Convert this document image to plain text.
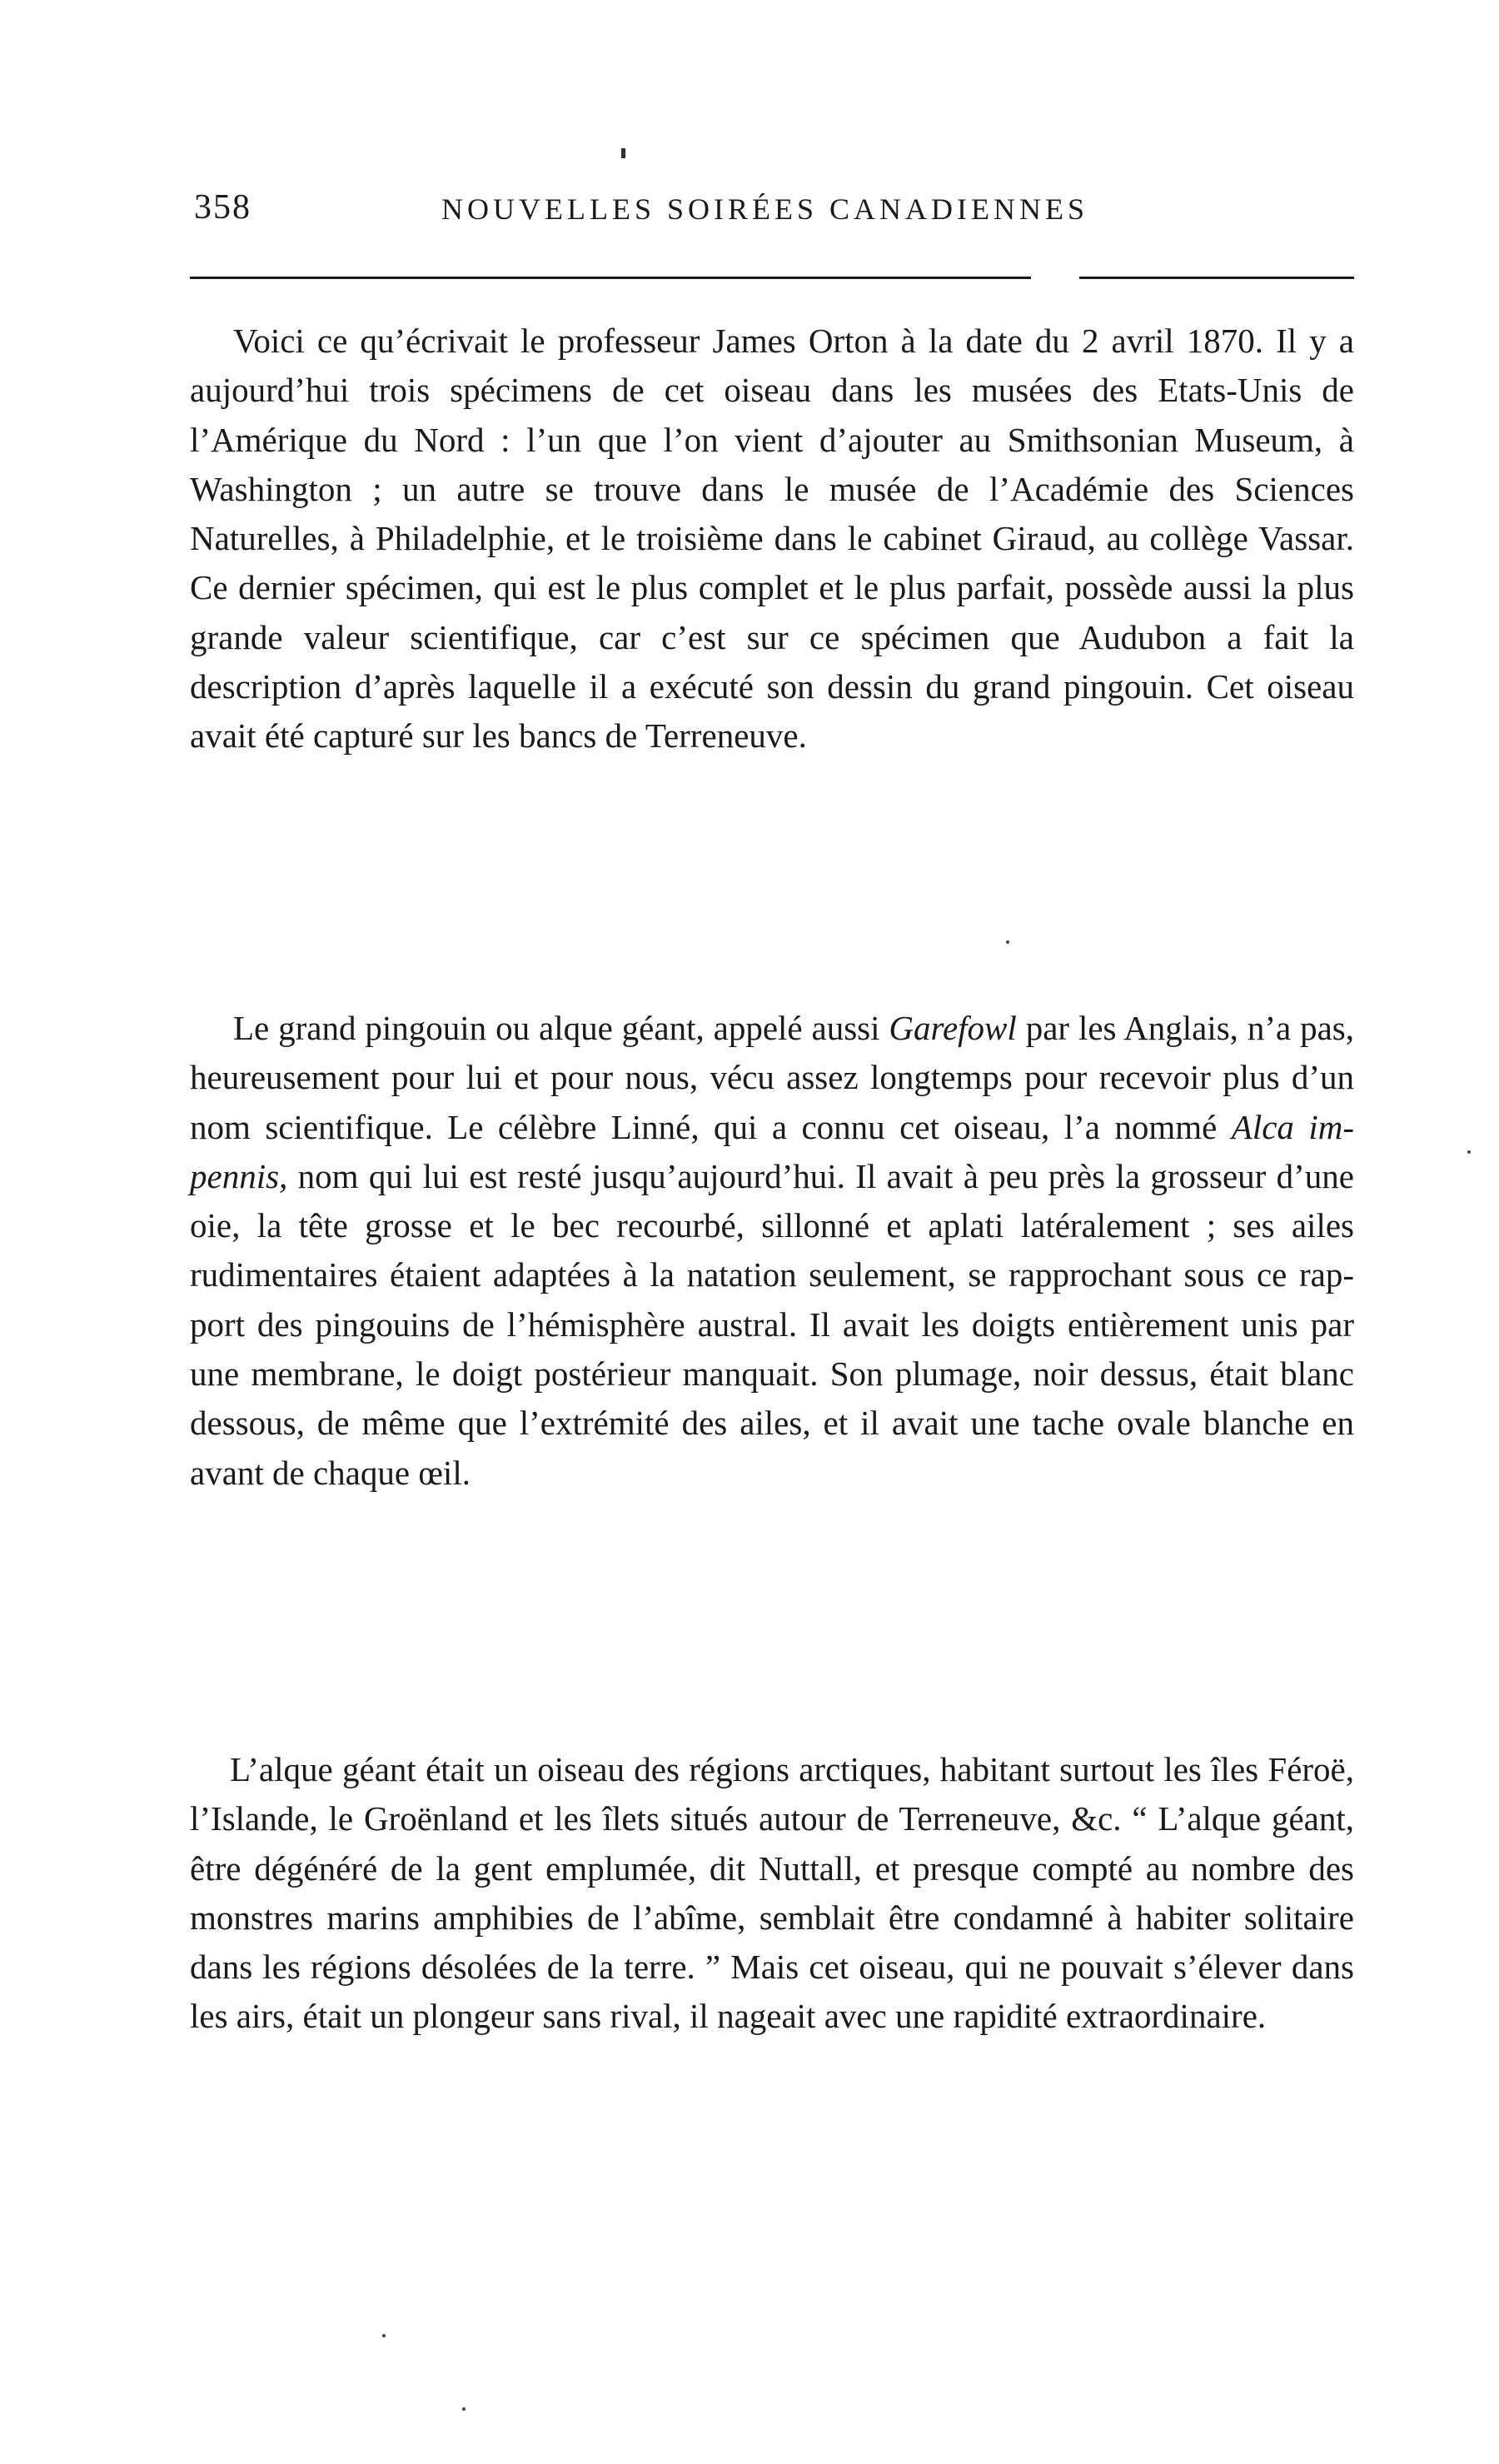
358	NOUVELLES SOIRÉES CANADIENNES

Voici ce qu’écrivait le professeur James Orton à la date du 2 avril 1870. Il y a aujourd’hui trois spécimens de cet oiseau dans les musées des Etats-Unis de l’Amérique du Nord : l’un que l’on vient d’ajouter au Smithsonian Museum, à Washington ; un autre se trouve dans le musée de l’Académie des Sciences Naturelles, à Philadelphie, et le troisième dans le cabinet Giraud, au collège Vassar. Ce dernier spécimen, qui est le plus complet et le plus parfait, possède aussi la plus grande valeur scientifique, car c’est sur ce spécimen que Audubon a fait la description d’après laquelle il a exécuté son dessin du grand pingouin. Cet oiseau avait été capturé sur les bancs de Terreneuve.

Le grand pingouin ou alque géant, appelé aussi Garefowl par les Anglais, n’a pas, heureusement pour lui et pour nous, vécu assez longtemps pour recevoir plus d’un nom scientifique. Le célèbre Linné, qui a connu cet oiseau, l’a nommé Alca impennis, nom qui lui est resté jusqu’aujourd’hui. Il avait à peu près la grosseur d’une oie, la tête grosse et le bec recourbé, sillonné et aplati latéralement ; ses ailes rudimentaires étaient adaptées à la natation seulement, se rapprochant sous ce rapport des pingouins de l’hémisphère austral. Il avait les doigts entièrement unis par une membrane, le doigt postérieur manquait. Son plumage, noir dessus, était blanc dessous, de même que l’extrémité des ailes, et il avait une tache ovale blanche en avant de chaque œil.

L’alque géant était un oiseau des régions arctiques, habitant surtout les îles Féroë, l’Islande, le Groënland et les îlets situés autour de Terreneuve, &c. “ L’alque géant, être dégénéré de la gent emplumée, dit Nuttall, et presque compté au nombre des monstres marins amphibies de l’abîme, semblait être condamné à habiter solitaire dans les régions désolées de la terre. ” Mais cet oiseau, qui ne pouvait s’élever dans les airs, était un plongeur sans rival, il nageait avec une rapidité extraordinaire.
